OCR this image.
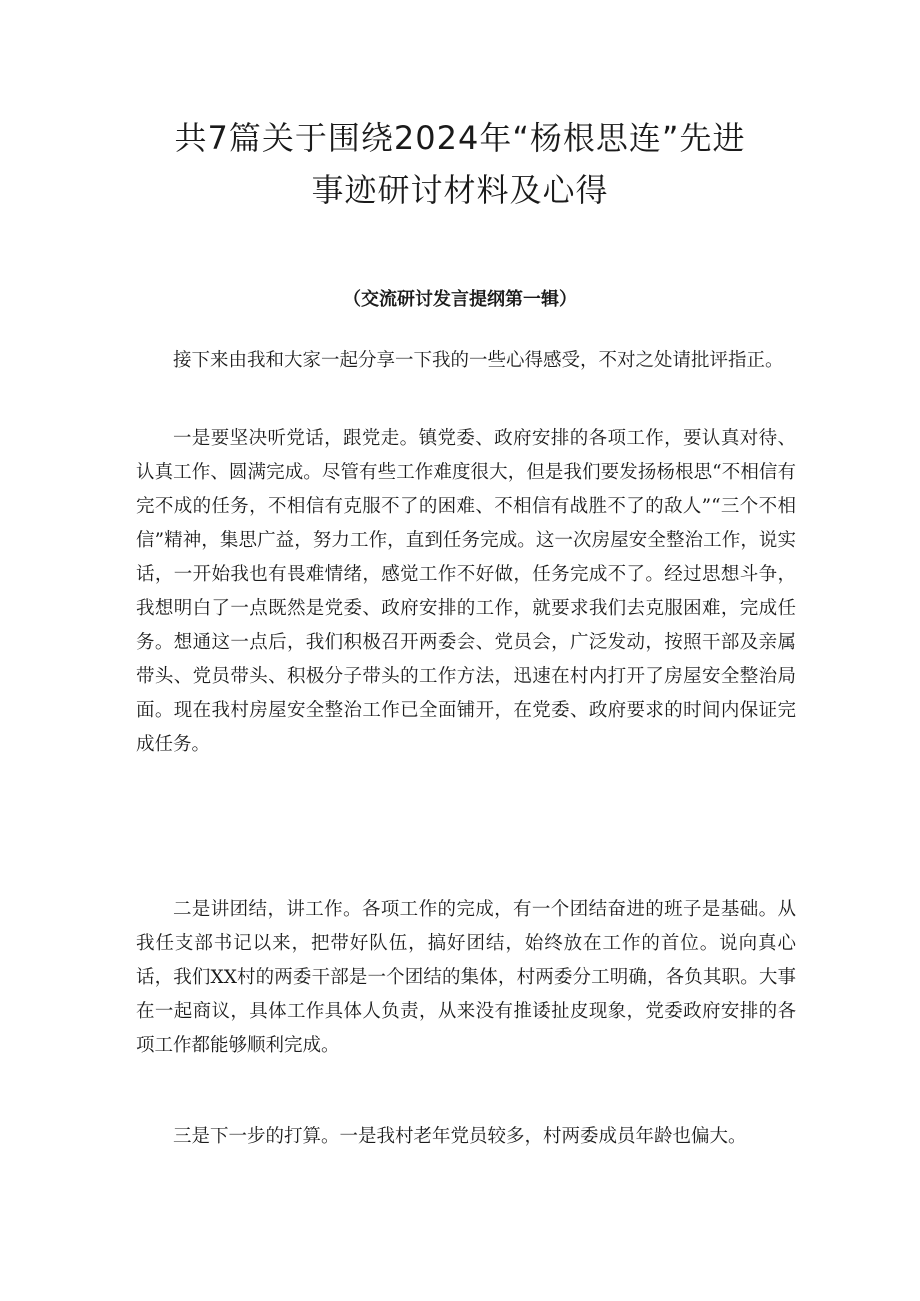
共7篇关于围绕2024年“杨根思连”先进
事迹研讨材料及心得
（交流研讨发言提纲第一辑）

接下来由我和大家一起分享一下我的一些心得感受，不对之处请批评指正。

一是要坚决听党话，跟党走。镇党委、政府安排的各项工作，要认真对待、认真工作、圆满完成。尽管有些工作难度很大，但是我们要发扬杨根思“不相信有完不成的任务，不相信有克服不了的困难、不相信有战胜不了的敌人”“三个不相信”精神，集思广益，努力工作，直到任务完成。这一次房屋安全整治工作，说实话，一开始我也有畏难情绪，感觉工作不好做，任务完成不了。经过思想斗争，我想明白了一点既然是党委、政府安排的工作，就要求我们去克服困难，完成任务。想通这一点后，我们积极召开两委会、党员会，广泛发动，按照干部及亲属带头、党员带头、积极分子带头的工作方法，迅速在村内打开了房屋安全整治局面。现在我村房屋安全整治工作已全面铺开，在党委、政府要求的时间内保证完成任务。

二是讲团结，讲工作。各项工作的完成，有一个团结奋进的班子是基础。从我任支部书记以来，把带好队伍，搞好团结，始终放在工作的首位。说向真心话，我们XX村的两委干部是一个团结的集体，村两委分工明确，各负其职。大事在一起商议，具体工作具体人负责，从来没有推诿扯皮现象，党委政府安排的各项工作都能够顺利完成。

三是下一步的打算。一是我村老年党员较多，村两委成员年龄也偏大。
